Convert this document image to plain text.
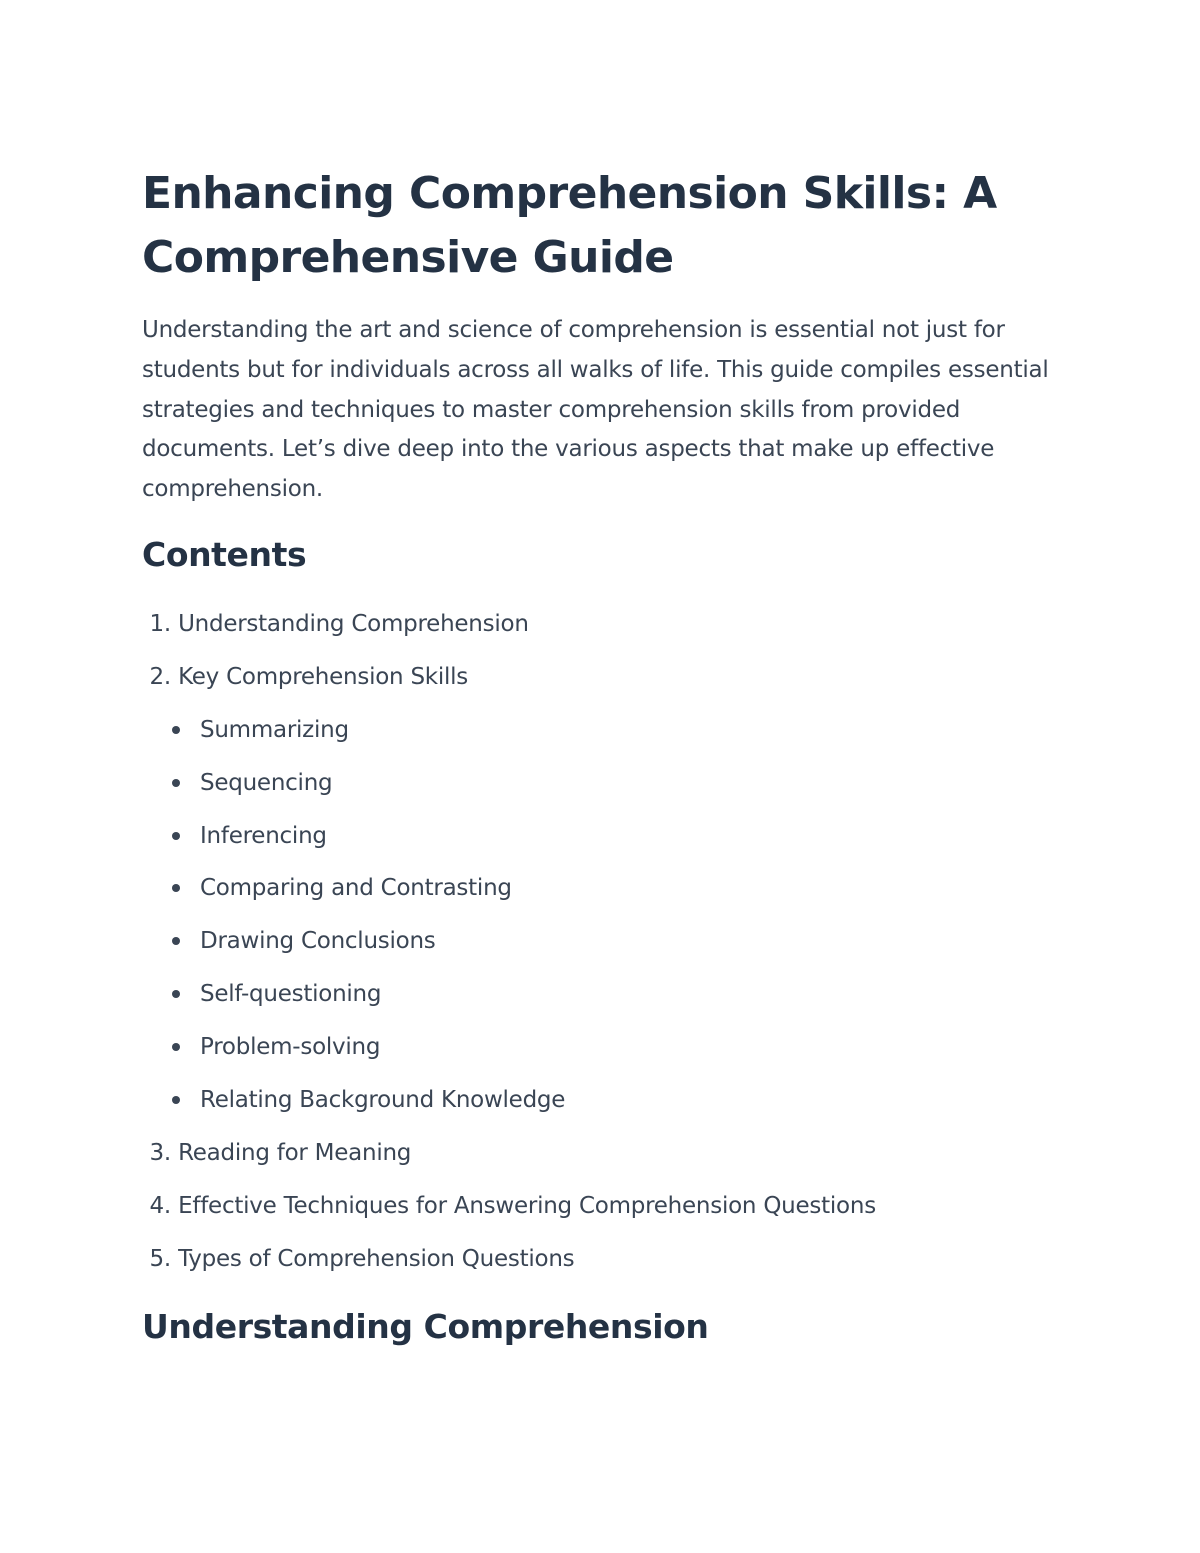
Enhancing Comprehension Skills: A Comprehensive Guide

Understanding the art and science of comprehension is essential not just for students but for individuals across all walks of life. This guide compiles essential strategies and techniques to master comprehension skills from provided documents. Let’s dive deep into the various aspects that make up effective comprehension.

Contents
1. Understanding Comprehension
2. Key Comprehension Skills
Summarizing
Sequencing
Inferencing
Comparing and Contrasting
Drawing Conclusions
Self-questioning
Problem-solving
Relating Background Knowledge
3. Reading for Meaning
4. Effective Techniques for Answering Comprehension Questions
5. Types of Comprehension Questions
Understanding Comprehension
